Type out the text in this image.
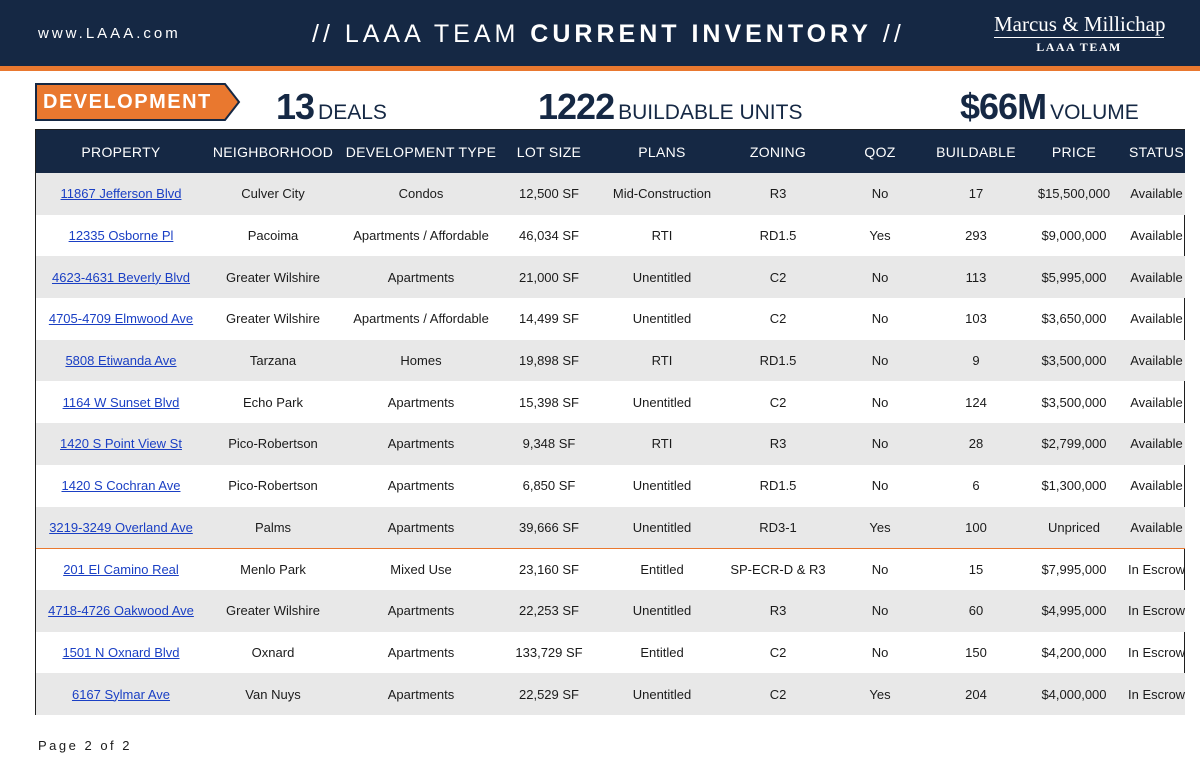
www.LAAA.com	// LAAA TEAM CURRENT INVENTORY //	Marcus & Millichap
LAAA TEAM
DEVELOPMENT 13 DEALS	1222 BUILDABLE UNITS	$66M VOLUME
PROPERTY	NEIGHBORHOOD	DEVELOPMENT TYPE	LOT SIZE	PLANS	ZONING	QOZ	BUILDABLE	PRICE	STATUS
11867 Jefferson Blvd	Culver City	Condos	12,500 SF	Mid-Construction	R3	No	17	$15,500,000	Available
12335 Osborne Pl	Pacoima	Apartments / Affordable	46,034 SF	RTI	RD1.5	Yes	293	$9,000,000	Available
4623-4631 Beverly Blvd	Greater Wilshire	Apartments	21,000 SF	Unentitled	C2	No	113	$5,995,000	Available
4705-4709 Elmwood Ave	Greater Wilshire	Apartments / Affordable	14,499 SF	Unentitled	C2	No	103	$3,650,000	Available
5808 Etiwanda Ave	Tarzana	Homes	19,898 SF	RTI	RD1.5	No	9	$3,500,000	Available
1164 W Sunset Blvd	Echo Park	Apartments	15,398 SF	Unentitled	C2	No	124	$3,500,000	Available
1420 S Point View St	Pico-Robertson	Apartments	9,348 SF	RTI	R3	No	28	$2,799,000	Available
1420 S Cochran Ave	Pico-Robertson	Apartments	6,850 SF	Unentitled	RD1.5	No	6	$1,300,000	Available
3219-3249 Overland Ave	Palms	Apartments	39,666 SF	Unentitled	RD3-1	Yes	100	Unpriced	Available
201 El Camino Real	Menlo Park	Mixed Use	23,160 SF	Entitled	SP-ECR-D & R3	No	15	$7,995,000	In Escrow
4718-4726 Oakwood Ave	Greater Wilshire	Apartments	22,253 SF	Unentitled	R3	No	60	$4,995,000	In Escrow
1501 N Oxnard Blvd	Oxnard	Apartments	133,729 SF	Entitled	C2	No	150	$4,200,000	In Escrow
6167 Sylmar Ave	Van Nuys	Apartments	22,529 SF	Unentitled	C2	Yes	204	$4,000,000	In Escrow
Page 2 of 2
